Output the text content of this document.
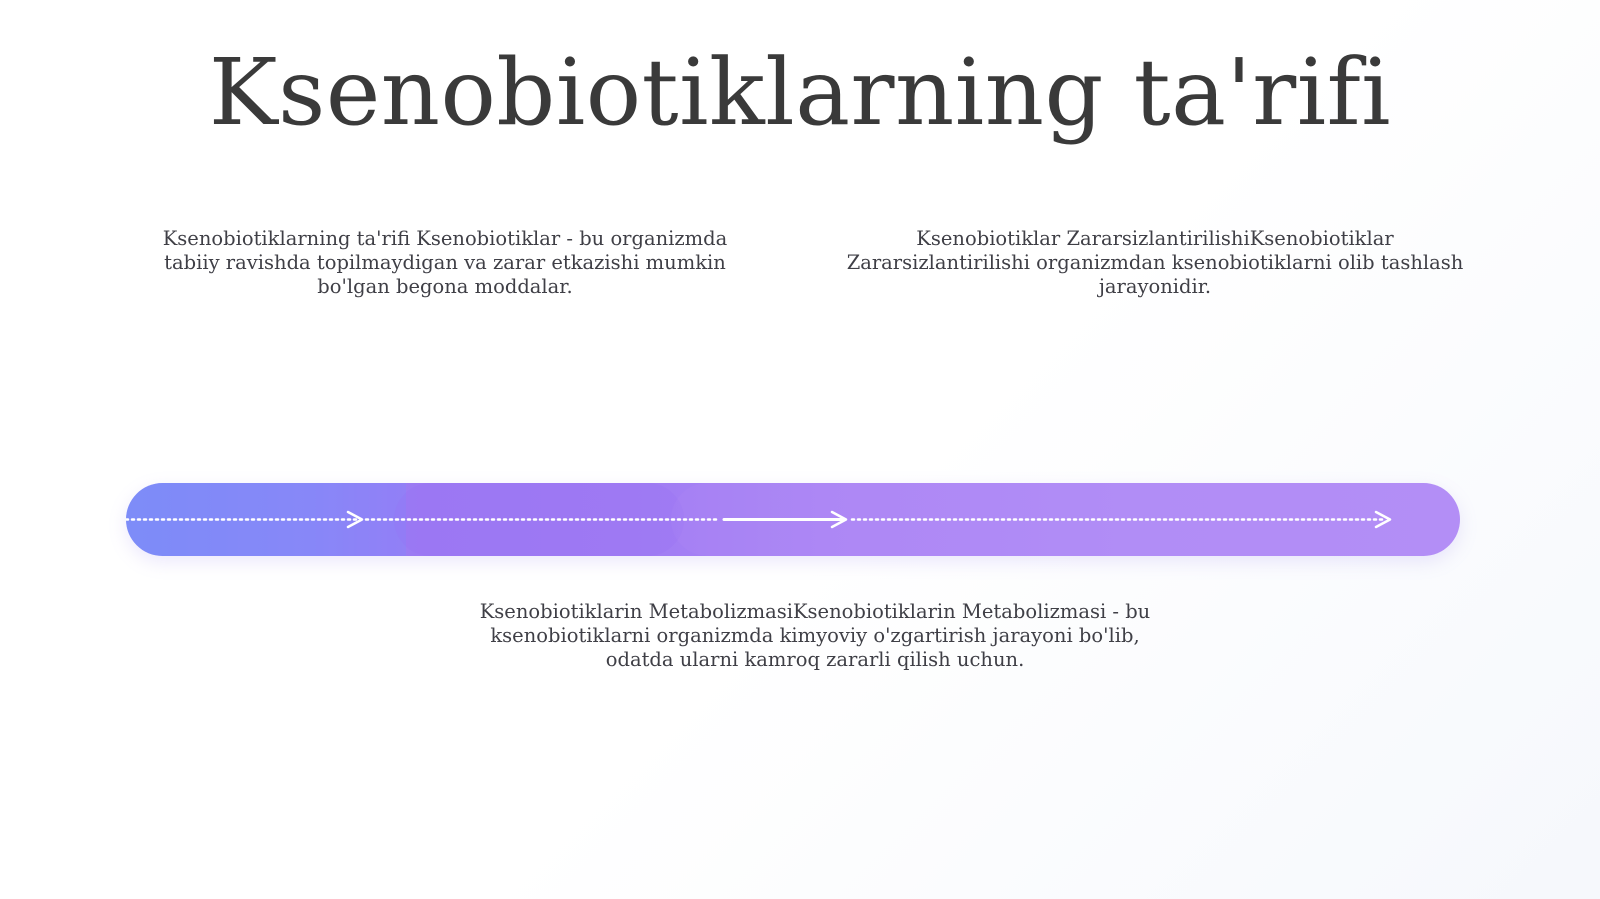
Ksenobiotiklarning ta'rifi

Ksenobiotiklarning ta'rifi Ksenobiotiklar - bu organizmda tabiiy ravishda topilmaydigan va zarar etkazishi mumkin bo'lgan begona moddalar.

Ksenobiotiklar ZararsizlantirilishiKsenobiotiklar Zararsizlantirilishi organizmdan ksenobiotiklarni olib tashlash jarayonidir.

Ksenobiotiklarin MetabolizmasiKsenobiotiklarin Metabolizmasi - bu ksenobiotiklarni organizmda kimyoviy o'zgartirish jarayoni bo'lib, odatda ularni kamroq zararli qilish uchun.
